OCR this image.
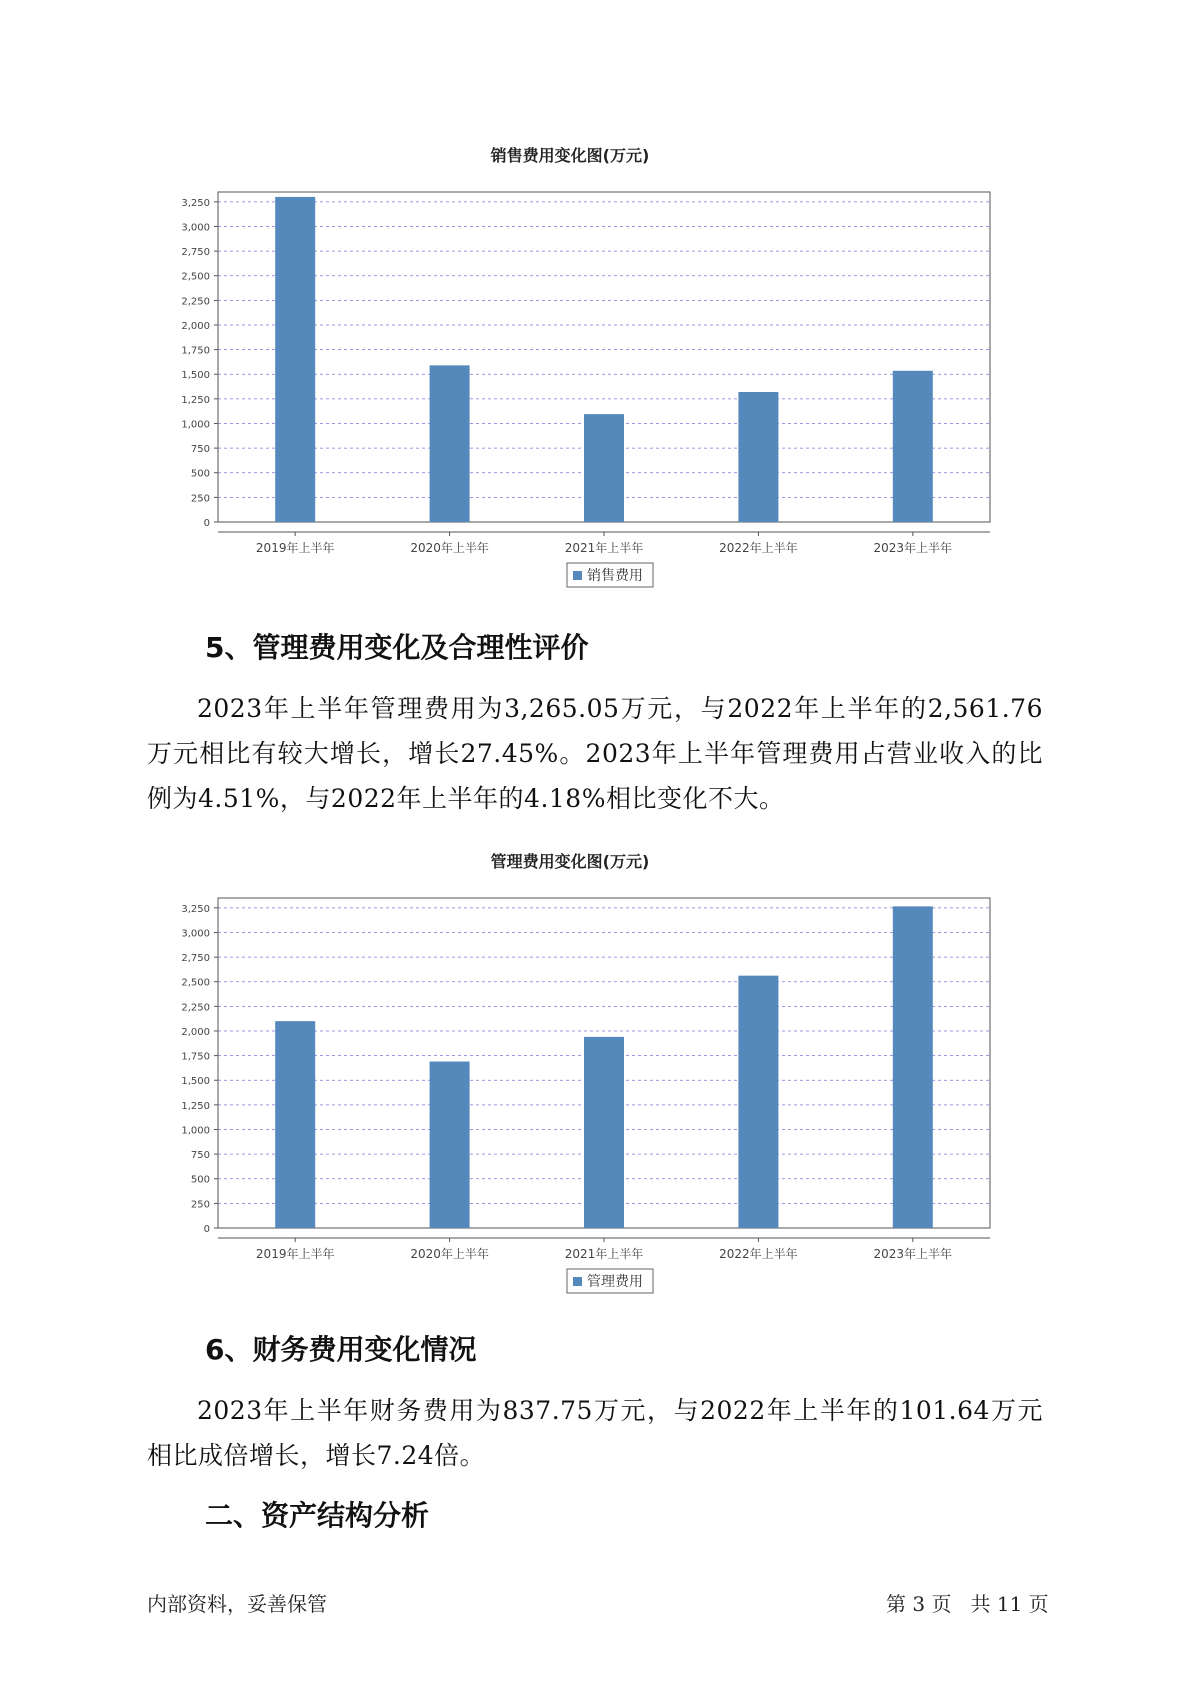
销售费用变化图(万元)
0
250
500
750
1,000
1,250
1,500
1,750
2,000
2,250
2,500
2,750
3,000
3,250
2019年上半年	2020年上半年	2021年上半年	2022年上半年	2023年上半年
销售费用
5、管理费用变化及合理性评价
2023年上半年管理费用为3,265.05万元，与2022年上半年的2,561.76万元相比有较大增长，增长27.45%。2023年上半年管理费用占营业收入的比例为4.51%，与2022年上半年的4.18%相比变化不大。
管理费用变化图(万元)
0
250
500
750
1,000
1,250
1,500
1,750
2,000
2,250
2,500
2,750
3,000
3,250
2019年上半年	2020年上半年	2021年上半年	2022年上半年	2023年上半年
管理费用
6、财务费用变化情况
2023年上半年财务费用为837.75万元，与2022年上半年的101.64万元相比成倍增长，增长7.24倍。
二、资产结构分析
内部资料，妥善保管	第 3 页   共 11 页
